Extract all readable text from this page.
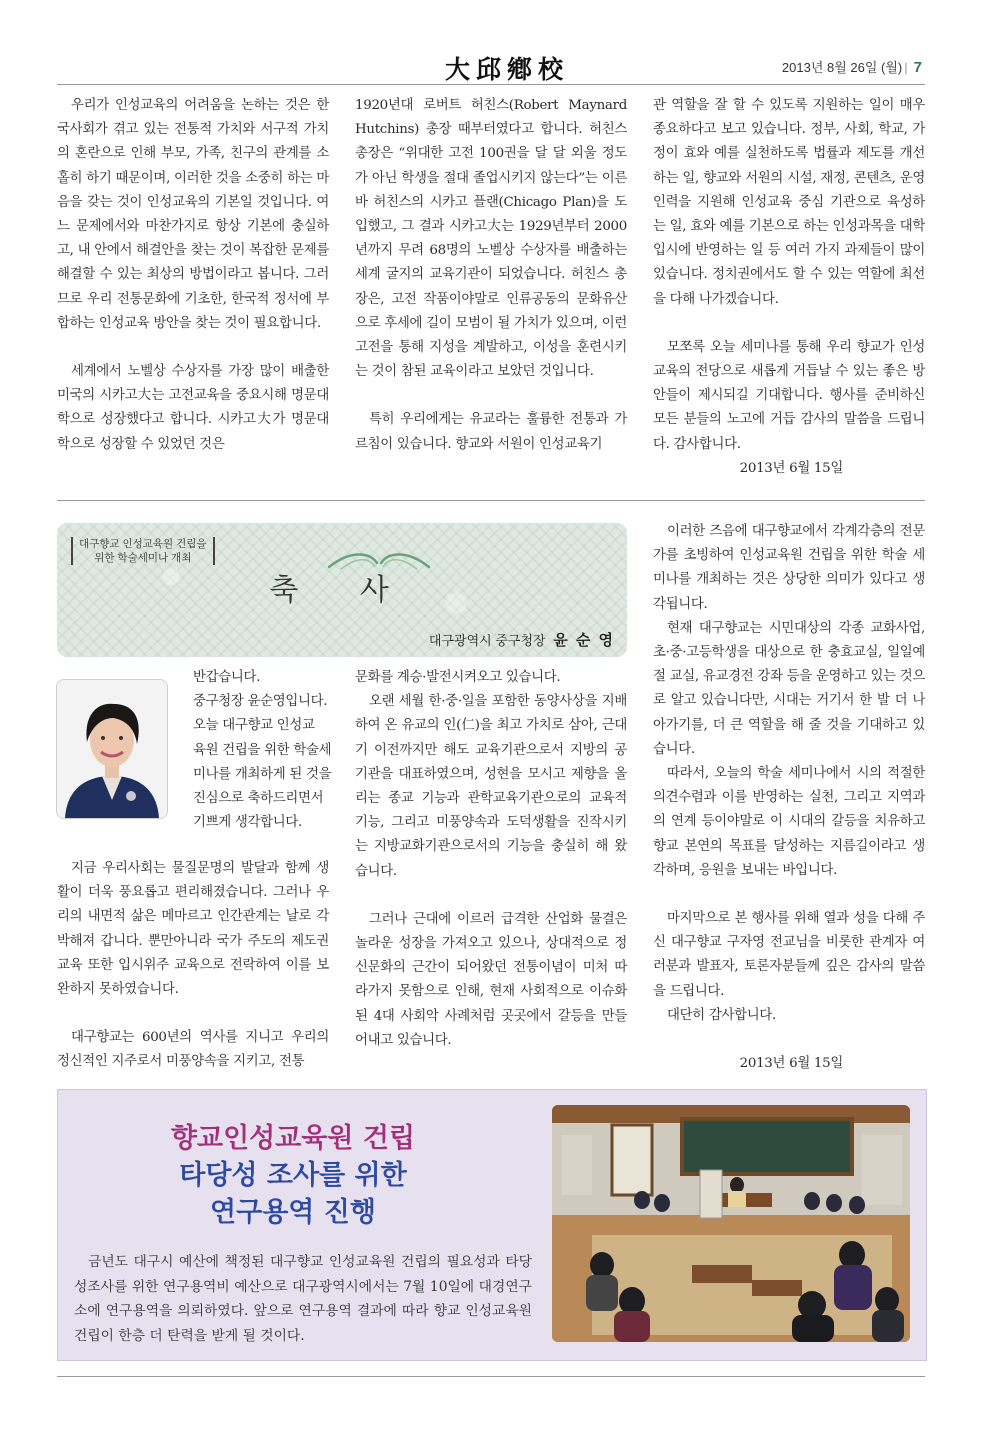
大邱鄕校	2013년 8월 26일 (월) | 7

우리가 인성교육의 어려움을 논하는 것은 한국사회가 겪고 있는 전통적 가치와 서구적 가치의 혼란으로 인해 부모, 가족, 친구의 관계를 소홀히 하기 때문이며, 이러한 것을 소중히 하는 마음을 갖는 것이 인성교육의 기본일 것입니다. 여느 문제에서와 마찬가지로 항상 기본에 충실하고, 내 안에서 해결안을 찾는 것이 복잡한 문제를 해결할 수 있는 최상의 방법이라고 봅니다. 그러므로 우리 전통문화에 기초한, 한국적 정서에 부합하는 인성교육 방안을 찾는 것이 필요합니다.

세계에서 노벨상 수상자를 가장 많이 배출한 미국의 시카고大는 고전교육을 중요시해 명문대학으로 성장했다고 합니다. 시카고大가 명문대학으로 성장할 수 있었던 것은

1920년대 로버트 허친스(Robert Maynard Hutchins) 총장 때부터였다고 합니다. 허친스 총장은 “위대한 고전 100권을 달 달 외울 정도가 아닌 학생을 절대 졸업시키지 않는다”는 이른바 허친스의 시카고 플랜(Chicago Plan)을 도입했고, 그 결과 시카고大는 1929년부터 2000년까지 무려 68명의 노벨상 수상자를 배출하는 세계 굴지의 교육기관이 되었습니다. 허친스 총장은, 고전 작품이야말로 인류공동의 문화유산으로 후세에 길이 모범이 될 가치가 있으며, 이런 고전을 통해 지성을 계발하고, 이성을 훈련시키는 것이 참된 교육이라고 보았던 것입니다.

특히 우리에게는 유교라는 훌륭한 전통과 가르침이 있습니다. 향교와 서원이 인성교육기

관 역할을 잘 할 수 있도록 지원하는 일이 매우 종요하다고 보고 있습니다. 정부, 사회, 학교, 가정이 효와 예를 실천하도록 법률과 제도를 개선하는 일, 향교와 서원의 시설, 재정, 콘텐츠, 운영 인력을 지원해 인성교육 중심 기관으로 육성하는 일, 효와 예를 기본으로 하는 인성과목을 대학입시에 반영하는 일 등 여러 가지 과제들이 많이 있습니다. 정치권에서도 할 수 있는 역할에 최선을 다해 나가겠습니다.

모쪼록 오늘 세미나를 통해 우리 향교가 인성교육의 전당으로 새롭게 거듭날 수 있는 좋은 방안들이 제시되길 기대합니다. 행사를 준비하신 모든 분들의 노고에 거듭 감사의 말씀을 드립니다. 감사합니다.

2013년 6월 15일
대구향교 인성교육원 건립을
위한 학술세미나 개최
축 사
대구광역시 중구청장 윤 순 영

반갑습니다.
중구청장 윤순영입니다.
오늘 대구향교 인성교
육원 건립을 위한 학술세
미나를 개최하게 된 것을
진심으로 축하드리면서
기쁘게 생각합니다.

지금 우리사회는 물질문명의 발달과 함께 생활이 더욱 풍요롭고 편리해졌습니다. 그러나 우리의 내면적 삶은 메마르고 인간관계는 날로 각박해져 갑니다. 뿐만아니라 국가 주도의 제도권 교육 또한 입시위주 교육으로 전락하여 이를 보완하지 못하였습니다.

대구향교는 600년의 역사를 지니고 우리의 정신적인 지주로서 미풍양속을 지키고, 전통

문화를 계승·발전시켜오고 있습니다.

오랜 세월 한·중·일을 포함한 동양사상을 지배하여 온 유교의 인(仁)을 최고 가치로 삼아, 근대기 이전까지만 해도 교육기관으로서 지방의 공기관을 대표하였으며, 성현을 모시고 제향을 올리는 종교 기능과 관학교육기관으로의 교육적 기능, 그리고 미풍양속과 도덕생활을 진작시키는 지방교화기관으로서의 기능을 충실히 해 왔습니다.

그러나 근대에 이르러 급격한 산업화 물결은 놀라운 성장을 가져오고 있으나, 상대적으로 정신문화의 근간이 되어왔던 전통이념이 미처 따라가지 못함으로 인해, 현재 사회적으로 이슈화된 4대 사회악 사례처럼 곳곳에서 갈등을 만들어내고 있습니다.

이러한 즈음에 대구향교에서 각계각층의 전문가를 초빙하여 인성교육원 건립을 위한 학술 세미나를 개최하는 것은 상당한 의미가 있다고 생각됩니다.

현재 대구향교는 시민대상의 각종 교화사업, 초·중·고등학생을 대상으로 한 충효교실, 일일예절 교실, 유교경전 강좌 등을 운영하고 있는 것으로 알고 있습니다만, 시대는 거기서 한 발 더 나아가기를, 더 큰 역할을 해 줄 것을 기대하고 있습니다.

따라서, 오늘의 학술 세미나에서 시의 적절한 의견수렴과 이를 반영하는 실천, 그리고 지역과의 연계 등이야말로 이 시대의 갈등을 치유하고 향교 본연의 목표를 달성하는 지름길이라고 생각하며, 응원을 보내는 바입니다.

마지막으로 본 행사를 위해 열과 성을 다해 주신 대구향교 구자영 전교님을 비롯한 관계자 여러분과 발표자, 토론자분들께 깊은 감사의 말씀을 드립니다.

대단히 감사합니다.

2013년 6월 15일
향교인성교육원 건립
타당성 조사를 위한
연구용역 진행
금년도 대구시 예산에 책정된 대구향교 인성교육원 건립의 필요성과 타당성조사를 위한 연구용역비 예산으로 대구광역시에서는 7월 10일에 대경연구소에 연구용역을 의뢰하였다. 앞으로 연구용역 결과에 따라 향교 인성교육원 건립이 한층 더 탄력을 받게 될 것이다.
